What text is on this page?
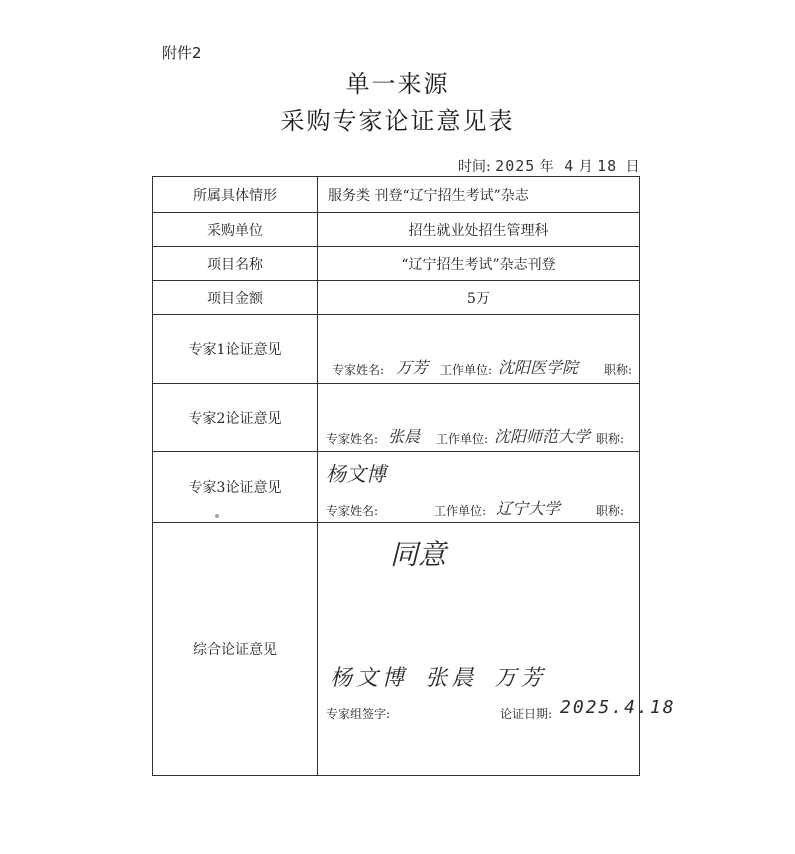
附件2
单一来源
采购专家论证意见表
时间: 2025 年 4 月 18 日
所属具体情形	服务类 刊登“辽宁招生考试”杂志
采购单位	招生就业处招生管理科
项目名称	“辽宁招生考试”杂志刊登
项目金额	5万
专家1论证意见	专家姓名: 万芳 工作单位: 沈阳医学院 职称:

专家2论证意见	专家姓名: 张晨 工作单位: 沈阳师范大学 职称:

专家3论证意见	杨文博
专家姓名: 工作单位: 辽宁大学 职称:

综合论证意见	同意
杨文博 张晨 万芳
专家组签字: 论证日期: 2025.4.18
